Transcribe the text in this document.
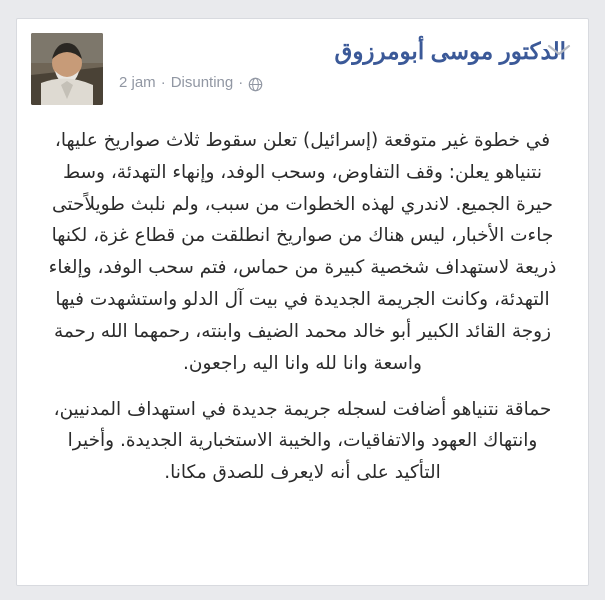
الدكتور موسى أبومرزوق
2 jam · Disunting ·

في خطوة غير متوقعة (إسرائيل) تعلن سقوط ثلاث صواريخ عليها، نتنياهو يعلن: وقف التفاوض، وسحب الوفد، وإنهاء التهدئة، وسط حيرة الجميع. لاندري لهذه الخطوات من سبب، ولم نلبث طويلاًحتى جاءت الأخبار، ليس هناك من صواريخ انطلقت من قطاع غزة، لكنها ذريعة لاستهداف شخصية كبيرة من حماس، فتم سحب الوفد، وإلغاء التهدئة، وكانت الجريمة الجديدة في بيت آل الدلو واستشهدت فيها زوجة القائد الكبير أبو خالد محمد الضيف وابنته، رحمهما الله رحمة واسعة وانا لله وانا اليه راجعون.

حماقة نتنياهو أضافت لسجله جريمة جديدة في استهداف المدنيين، وانتهاك العهود والاتفاقيات، والخيبة الاستخبارية الجديدة. وأخيرا التأكيد على أنه لايعرف للصدق مكانا.
